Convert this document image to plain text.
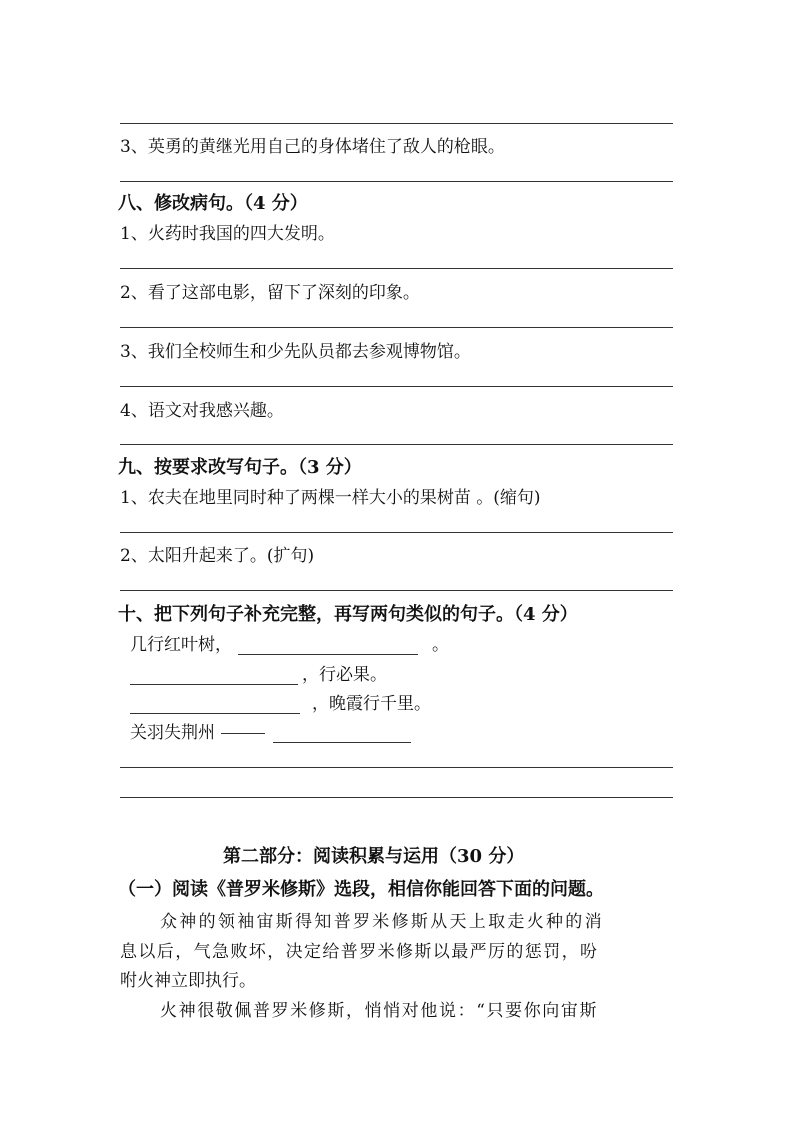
3、英勇的黄继光用自己的身体堵住了敌人的枪眼。
八、修改病句。（4 分）
1、火药时我国的四大发明。
2、看了这部电影，留下了深刻的印象。
3、我们全校师生和少先队员都去参观博物馆。
4、语文对我感兴趣。
九、按要求改写句子。（3 分）
1、农夫在地里同时种了两棵一样大小的果树苗 。(缩句)
2、太阳升起来了。(扩句)
十、把下列句子补充完整，再写两句类似的句子。（4 分）
几行红叶树，	。
，行必果。
，晚霞行千里。
关羽失荆州
第二部分：阅读积累与运用（30 分）
（一）阅读《普罗米修斯》选段，相信你能回答下面的问题。
众神的领袖宙斯得知普罗米修斯从天上取走火种的消
息以后，气急败坏，决定给普罗米修斯以最严厉的惩罚，吩
咐火神立即执行。
火神很敬佩普罗米修斯，悄悄对他说：“只要你向宙斯
